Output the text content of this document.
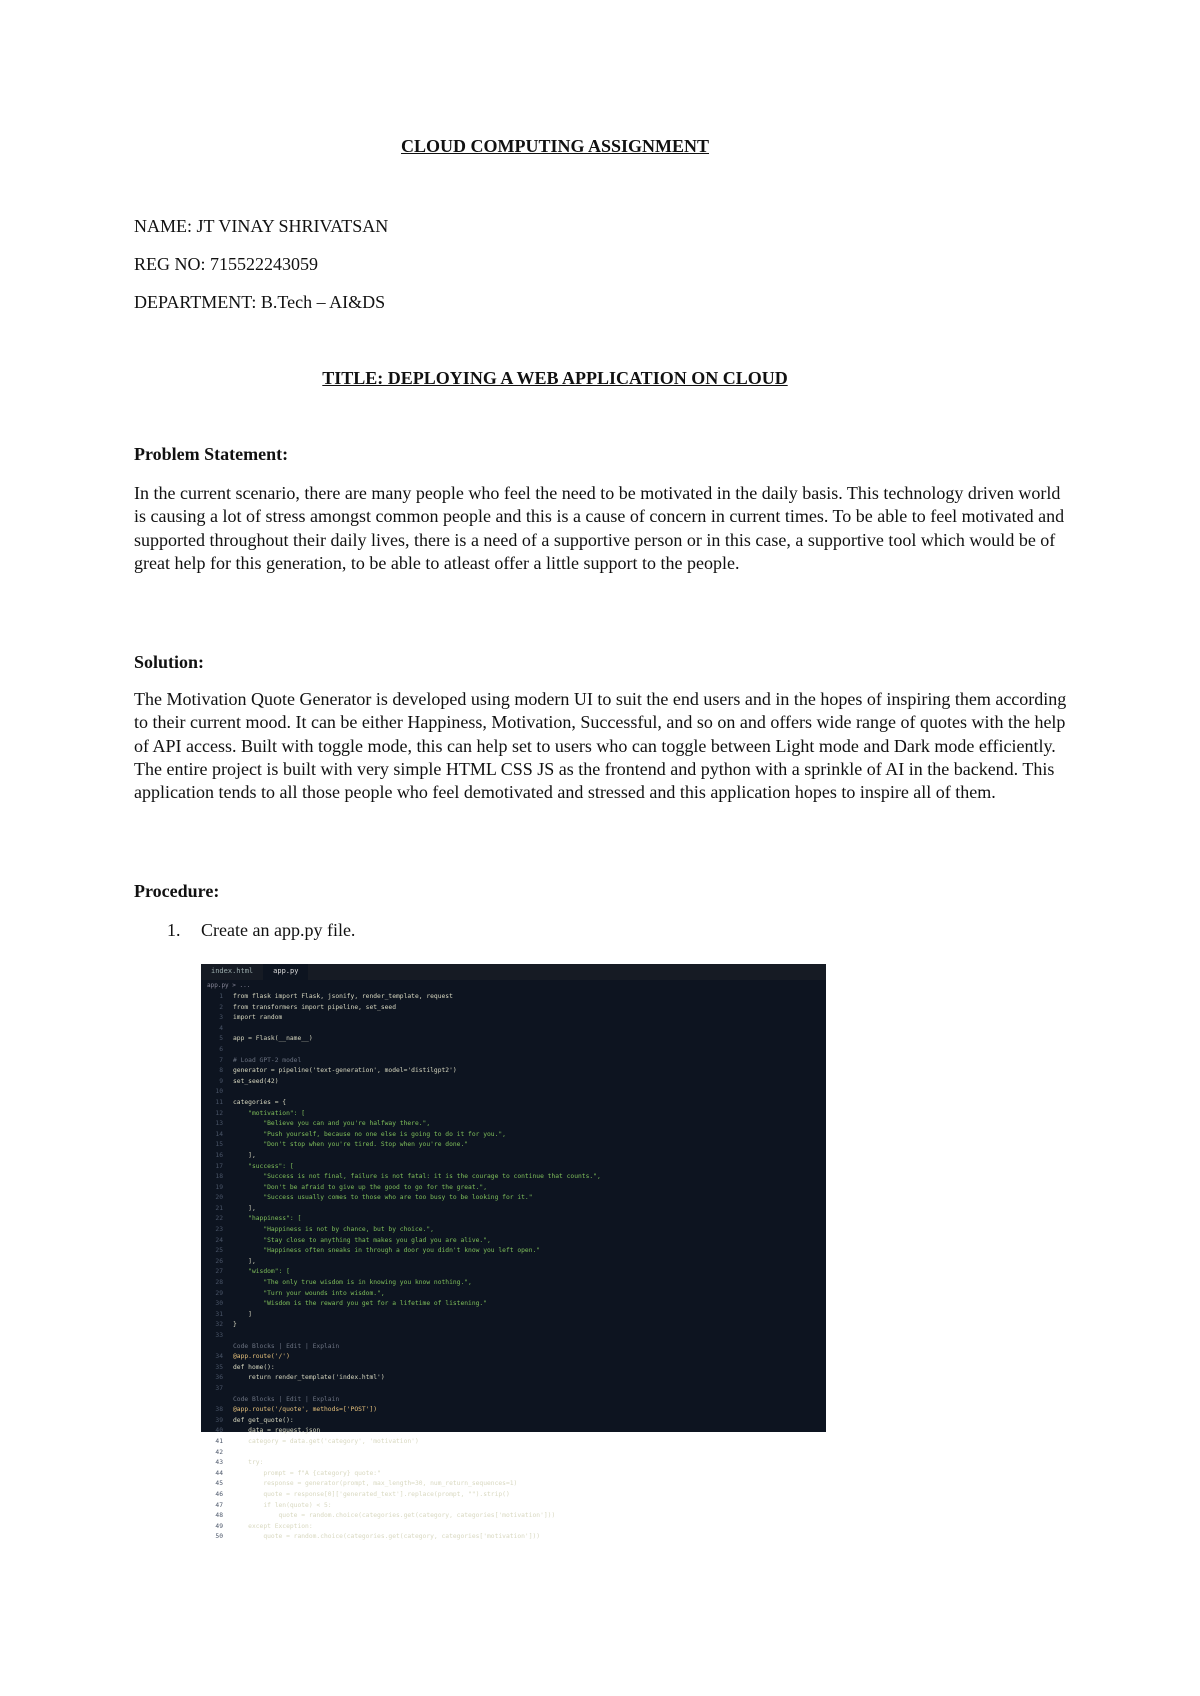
CLOUD COMPUTING ASSIGNMENT
NAME: JT VINAY SHRIVATSAN
REG NO: 715522243059
DEPARTMENT: B.Tech – AI&DS
TITLE: DEPLOYING A WEB APPLICATION ON CLOUD
Problem Statement:
In the current scenario, there are many people who feel the need to be motivated in the daily basis. This technology driven world is causing a lot of stress amongst common people and this is a cause of concern in current times. To be able to feel motivated and supported throughout their daily lives, there is a need of a supportive person or in this case, a supportive tool which would be of great help for this generation, to be able to atleast offer a little support to the people.
Solution:
The Motivation Quote Generator is developed using modern UI to suit the end users and in the hopes of inspiring them according to their current mood. It can be either Happiness, Motivation, Successful, and so on and offers wide range of quotes with the help of API access. Built with toggle mode, this can help set to users who can toggle between Light mode and Dark mode efficiently. The entire project is built with very simple HTML CSS JS as the frontend and python with a sprinkle of AI in the backend. This application tends to all those people who feel demotivated and stressed and this application hopes to inspire all of them.
Procedure:
1. Create an app.py file.
index.html	app.py
app.py > ...
1	from flask import Flask, jsonify, render_template, request
2	from transformers import pipeline, set_seed
3	import random
4
5	app = Flask(__name__)
6
7	# Load GPT-2 model
8	generator = pipeline('text-generation', model='distilgpt2')
9	set_seed(42)
10
11	categories = {
12	"motivation": [
13	"Believe you can and you're halfway there.",
14	"Push yourself, because no one else is going to do it for you.",
15	"Don't stop when you're tired. Stop when you're done."
16	],
17	"success": [
18	"Success is not final, failure is not fatal: it is the courage to continue that counts.",
19	"Don't be afraid to give up the good to go for the great.",
20	"Success usually comes to those who are too busy to be looking for it."
21	],
22	"happiness": [
23	"Happiness is not by chance, but by choice.",
24	"Stay close to anything that makes you glad you are alive.",
25	"Happiness often sneaks in through a door you didn't know you left open."
26	],
27	"wisdom": [
28	"The only true wisdom is in knowing you know nothing.",
29	"Turn your wounds into wisdom.",
30	"Wisdom is the reward you get for a lifetime of listening."
31	]
32	}
33
Code Blocks | Edit | Explain
34	@app.route('/')
35	def home():
36	return render_template('index.html')
37
Code Blocks | Edit | Explain
38	@app.route('/quote', methods=['POST'])
39	def get_quote():
40	data = request.json
41	category = data.get('category', 'motivation')
42
43	try:
44	prompt = f"A {category} quote:"
45	response = generator(prompt, max_length=30, num_return_sequences=1)
46	quote = response[0]['generated_text'].replace(prompt, "").strip()
47	if len(quote) < 5:
48	quote = random.choice(categories.get(category, categories['motivation']))
49	except Exception:
50	quote = random.choice(categories.get(category, categories['motivation']))
